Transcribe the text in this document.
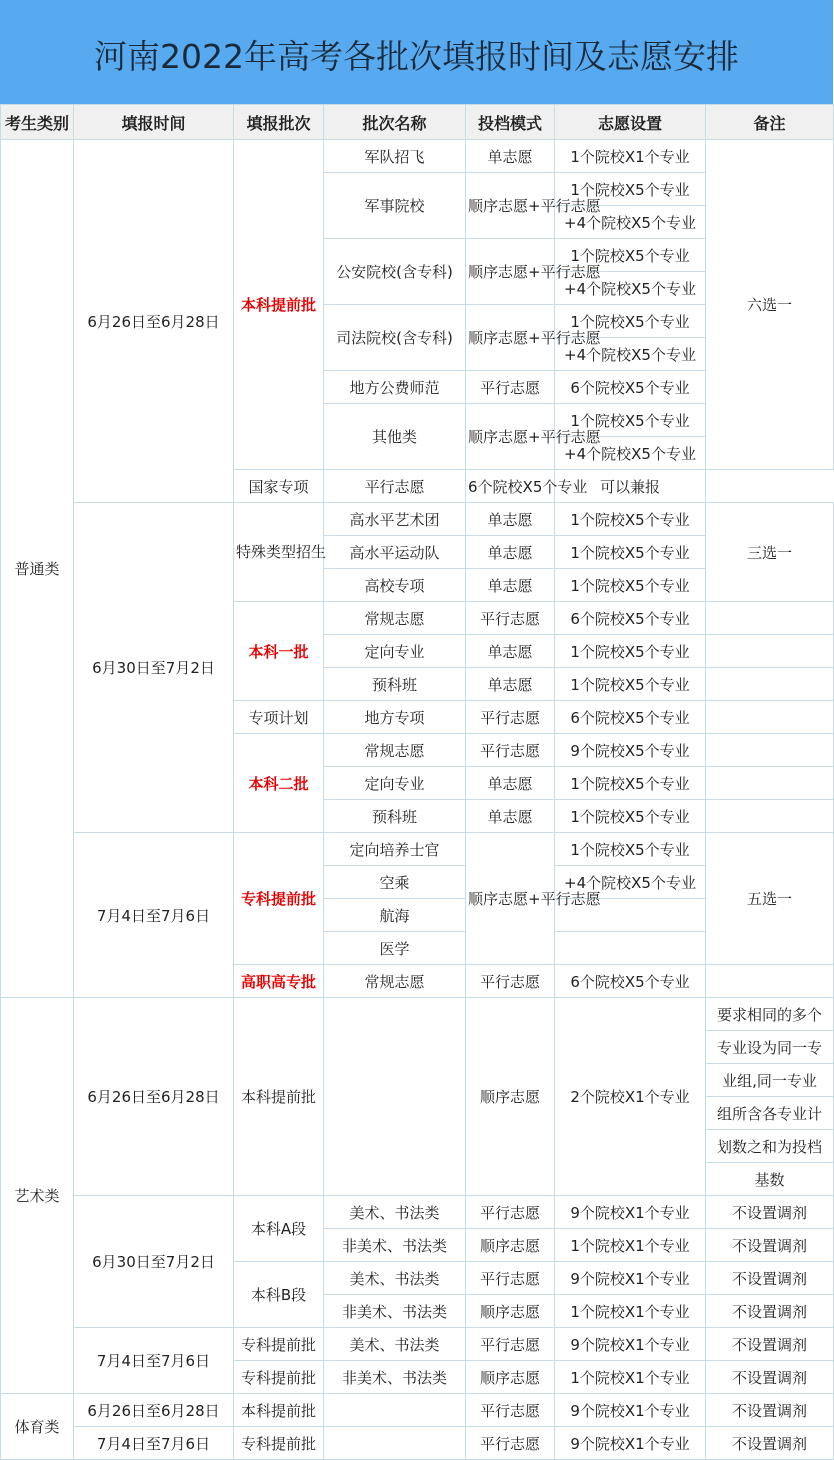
河南2022年高考各批次填报时间及志愿安排
考生类别	填报时间	填报批次	批次名称	投档模式	志愿设置	备注
普通类	6月26日至6月28日	本科提前批	军队招飞	单志愿	1个院校X1个专业	六选一
			军事院校	顺序志愿+平行志愿	1个院校X5个专业	
					+4个院校X5个专业	
			公安院校(含专科)	顺序志愿+平行志愿	1个院校X5个专业	
					+4个院校X5个专业	
			司法院校(含专科)	顺序志愿+平行志愿	1个院校X5个专业	
					+4个院校X5个专业	
			地方公费师范	平行志愿	6个院校X5个专业	
			其他类	顺序志愿+平行志愿	1个院校X5个专业	
					+4个院校X5个专业	
		国家专项	平行志愿	6个院校X5个专业	可以兼报	
	6月30日至7月2日	特殊类型招生	高水平艺术团	单志愿	1个院校X5个专业	三选一
			高水平运动队	单志愿	1个院校X5个专业	
			高校专项	单志愿	1个院校X5个专业	
		本科一批	常规志愿	平行志愿	6个院校X5个专业	
			定向专业	单志愿	1个院校X5个专业	
			预科班	单志愿	1个院校X5个专业	
		专项计划	地方专项	平行志愿	6个院校X5个专业	
		本科二批	常规志愿	平行志愿	9个院校X5个专业	
			定向专业	单志愿	1个院校X5个专业	
			预科班	单志愿	1个院校X5个专业	
	7月4日至7月6日	专科提前批	定向培养士官	顺序志愿+平行志愿	1个院校X5个专业	五选一
			空乘		+4个院校X5个专业	
			航海			
			医学			
		高职高专批	常规志愿	平行志愿	6个院校X5个专业	
艺术类	6月26日至6月28日	本科提前批		顺序志愿	2个院校X1个专业	要求相同的多个
						专业设为同一专
						业组,同一专业
						组所含各专业计
						划数之和为投档
						基数
	6月30日至7月2日	本科A段	美术、书法类	平行志愿	9个院校X1个专业	不设置调剂
			非美术、书法类	顺序志愿	1个院校X1个专业	不设置调剂
		本科B段	美术、书法类	平行志愿	9个院校X1个专业	不设置调剂
			非美术、书法类	顺序志愿	1个院校X1个专业	不设置调剂
	7月4日至7月6日	专科提前批	美术、书法类	平行志愿	9个院校X1个专业	不设置调剂
		专科提前批	非美术、书法类	顺序志愿	1个院校X1个专业	不设置调剂
体育类	6月26日至6月28日	本科提前批		平行志愿	9个院校X1个专业	不设置调剂
	7月4日至7月6日	专科提前批		平行志愿	9个院校X1个专业	不设置调剂
